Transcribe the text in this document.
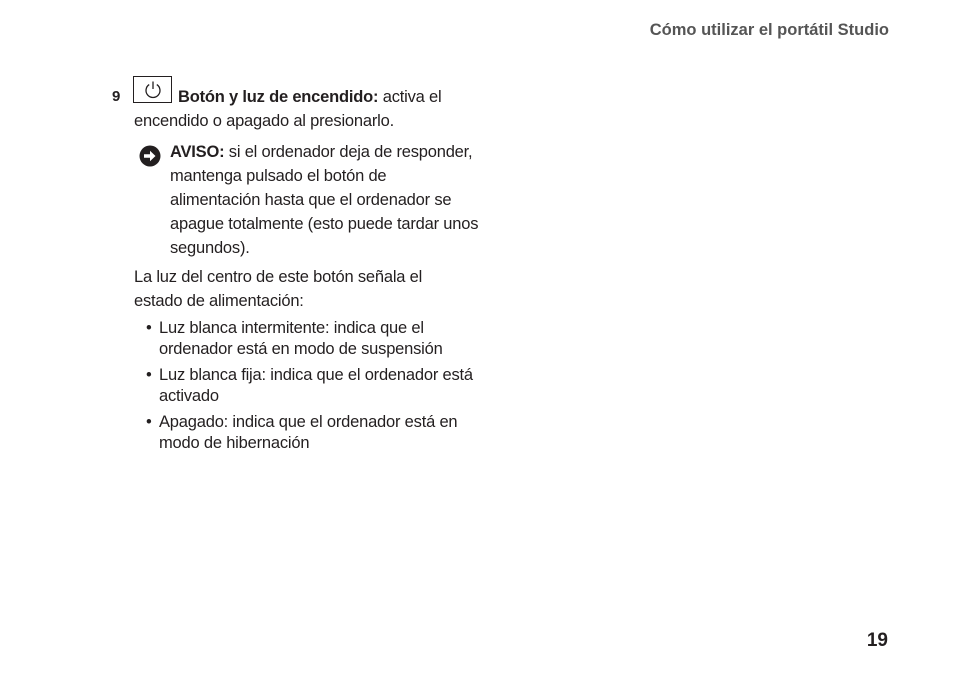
Cómo utilizar el portátil Studio
9	Botón y luz de encendido: activa el encendido o apagado al presionarlo.
AVISO: si el ordenador deja de responder, mantenga pulsado el botón de alimentación hasta que el ordenador se apague totalmente (esto puede tardar unos segundos).
La luz del centro de este botón señala el estado de alimentación:
• Luz blanca intermitente: indica que el ordenador está en modo de suspensión
• Luz blanca fija: indica que el ordenador está activado
• Apagado: indica que el ordenador está en modo de hibernación
19
